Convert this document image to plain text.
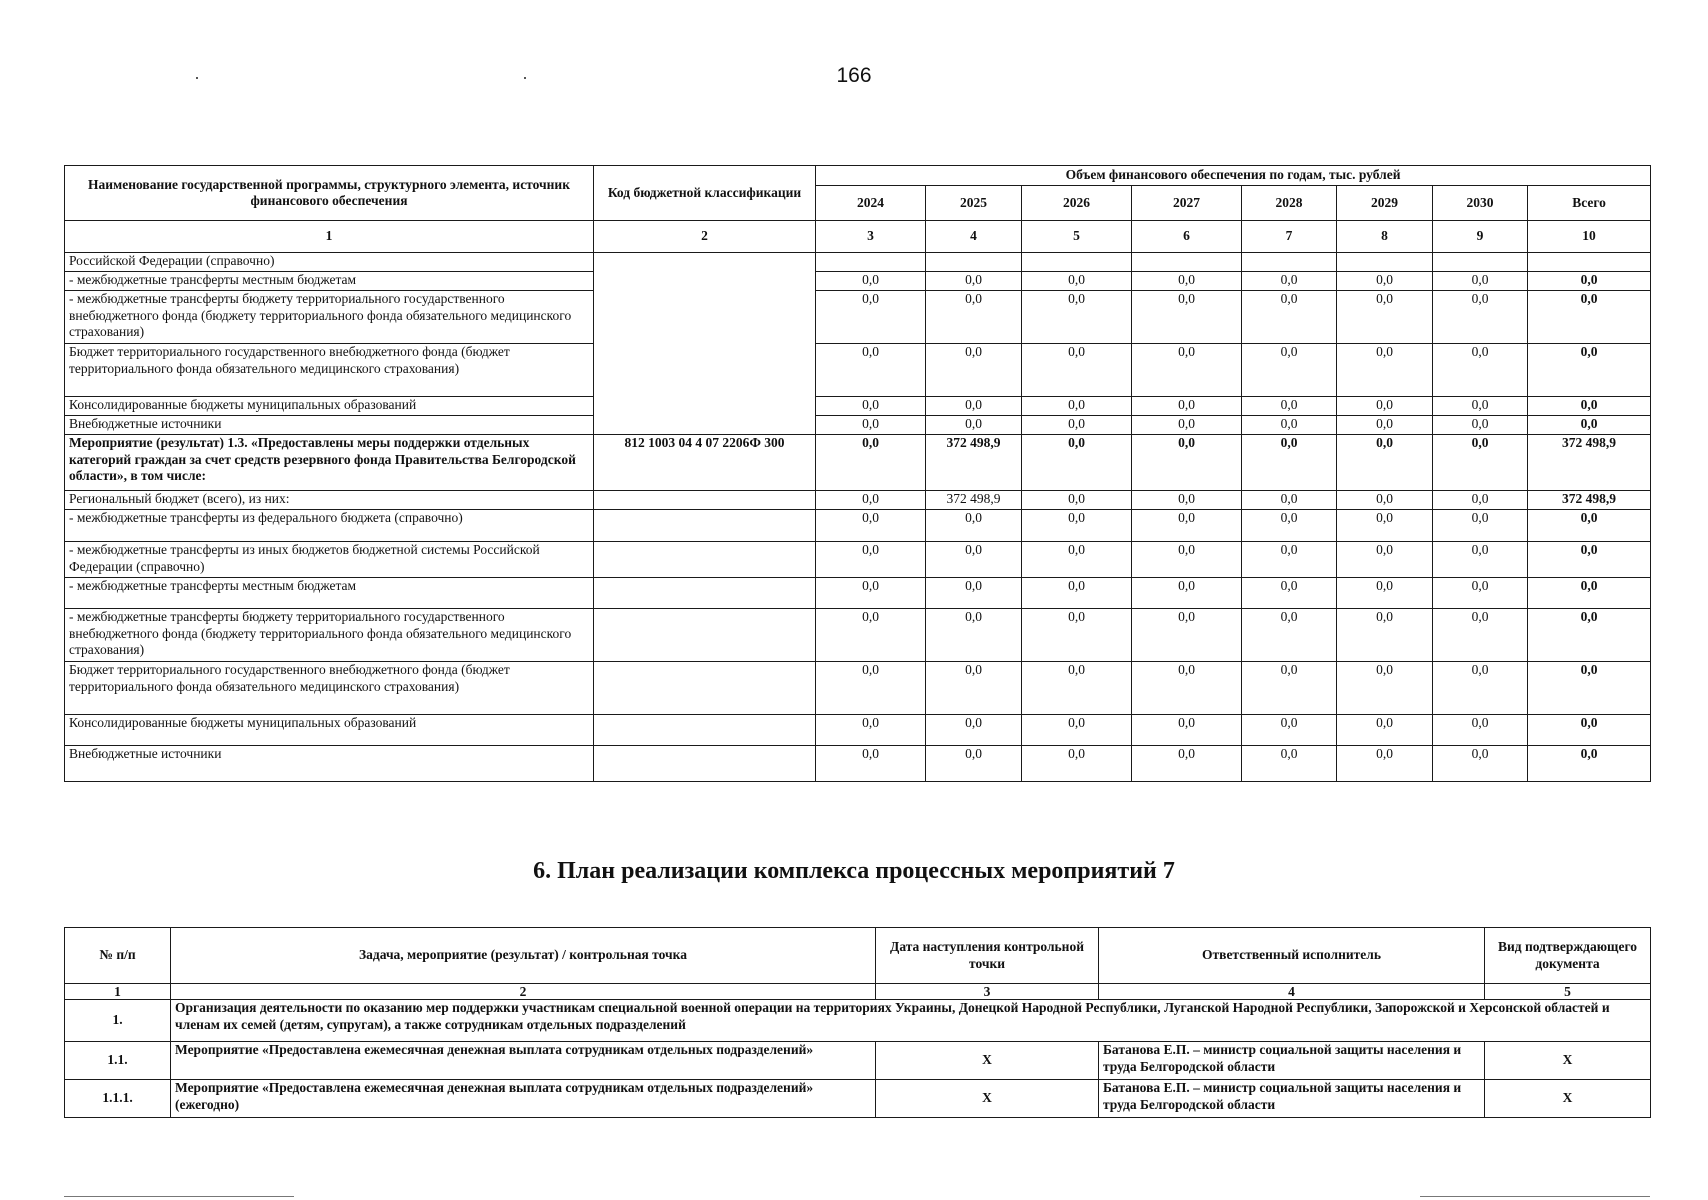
166
Наименование государственной программы, структурного элемента, источник финансового обеспечения	Код бюджетной классификации	Объем финансового обеспечения по годам, тыс. рублей							
		2024	2025	2026	2027	2028	2029	2030	Всего
1	2	3	4	5	6	7	8	9	10
Российской Федерации (справочно)									
- межбюджетные трансферты местным бюджетам		0,0	0,0	0,0	0,0	0,0	0,0	0,0	0,0
- межбюджетные трансферты бюджету территориального государственного внебюджетного фонда (бюджету территориального фонда обязательного медицинского страхования)		0,0	0,0	0,0	0,0	0,0	0,0	0,0	0,0
Бюджет территориального государственного внебюджетного фонда (бюджет территориального фонда обязательного медицинского страхования)		0,0	0,0	0,0	0,0	0,0	0,0	0,0	0,0
Консолидированные бюджеты муниципальных образований		0,0	0,0	0,0	0,0	0,0	0,0	0,0	0,0
Внебюджетные источники		0,0	0,0	0,0	0,0	0,0	0,0	0,0	0,0
Мероприятие (результат) 1.3. «Предоставлены меры поддержки отдельных категорий граждан за счет средств резервного фонда Правительства Белгородской области», в том числе:	812 1003 04 4 07 2206Ф 300	0,0	372 498,9	0,0	0,0	0,0	0,0	0,0	372 498,9
Региональный бюджет (всего), из них:		0,0	372 498,9	0,0	0,0	0,0	0,0	0,0	372 498,9
- межбюджетные трансферты из федерального бюджета (справочно)		0,0	0,0	0,0	0,0	0,0	0,0	0,0	0,0
- межбюджетные трансферты из иных бюджетов бюджетной системы Российской Федерации (справочно)		0,0	0,0	0,0	0,0	0,0	0,0	0,0	0,0
- межбюджетные трансферты местным бюджетам		0,0	0,0	0,0	0,0	0,0	0,0	0,0	0,0
- межбюджетные трансферты бюджету территориального государственного внебюджетного фонда (бюджету территориального фонда обязательного медицинского страхования)		0,0	0,0	0,0	0,0	0,0	0,0	0,0	0,0
Бюджет территориального государственного внебюджетного фонда (бюджет территориального фонда обязательного медицинского страхования)		0,0	0,0	0,0	0,0	0,0	0,0	0,0	0,0
Консолидированные бюджеты муниципальных образований		0,0	0,0	0,0	0,0	0,0	0,0	0,0	0,0
Внебюджетные источники		0,0	0,0	0,0	0,0	0,0	0,0	0,0	0,0
6. План реализации комплекса процессных мероприятий 7
№ п/п	Задача, мероприятие (результат) / контрольная точка	Дата наступления контрольной точки	Ответственный исполнитель	Вид подтверждающего документа
1	2	3	4	5
1.	Организация деятельности по оказанию мер поддержки участникам специальной военной операции на территориях Украины, Донецкой Народной Республики, Луганской Народной Республики, Запорожской и Херсонской областей и членам их семей (детям, супругам), а также сотрудникам отдельных подразделений			
1.1.	Мероприятие «Предоставлена ежемесячная денежная выплата сотрудникам отдельных подразделений»	Х	Батанова Е.П. – министр социальной защиты населения и труда Белгородской области	Х
1.1.1.	Мероприятие «Предоставлена ежемесячная денежная выплата сотрудникам отдельных подразделений» (ежегодно)	Х	Батанова Е.П. – министр социальной защиты населения и труда Белгородской области	Х
